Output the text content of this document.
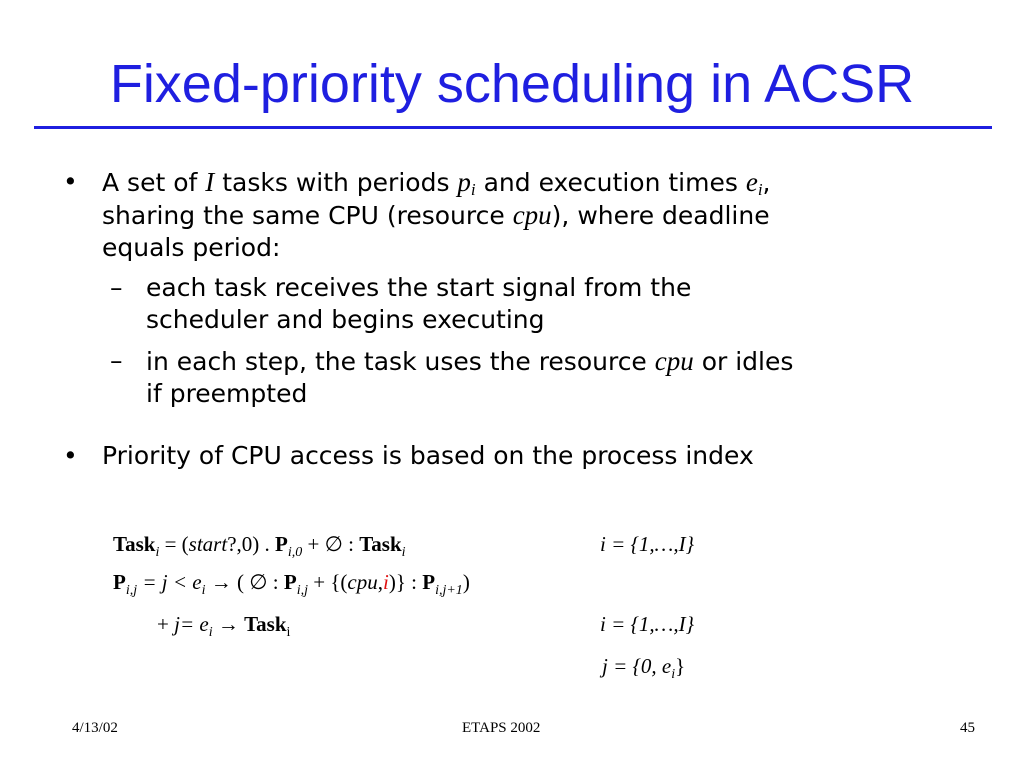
Fixed-priority scheduling in ACSR
• A set of I tasks with periods pi and execution times ei,
sharing the same CPU (resource cpu), where deadline
equals period:
– each task receives the start signal from the
scheduler and begins executing
– in each step, the task uses the resource cpu or idles
if preempted
• Priority of CPU access is based on the process index
Task$_i$ = (start?,0) . $P_{i,0}$ + ∅ : Task$_i$	i = {1,…,I}
$P_{i,j} = j < e_i$ → ( ∅ : $P_{i,j} + \{(cpu,i)\}$ : $P_{i,j+1}$)
+ $j= e_i$ → Task$_i$	i = {1,…,I}
j = {0, $e_i$}
4/13/02	ETAPS 2002	45
